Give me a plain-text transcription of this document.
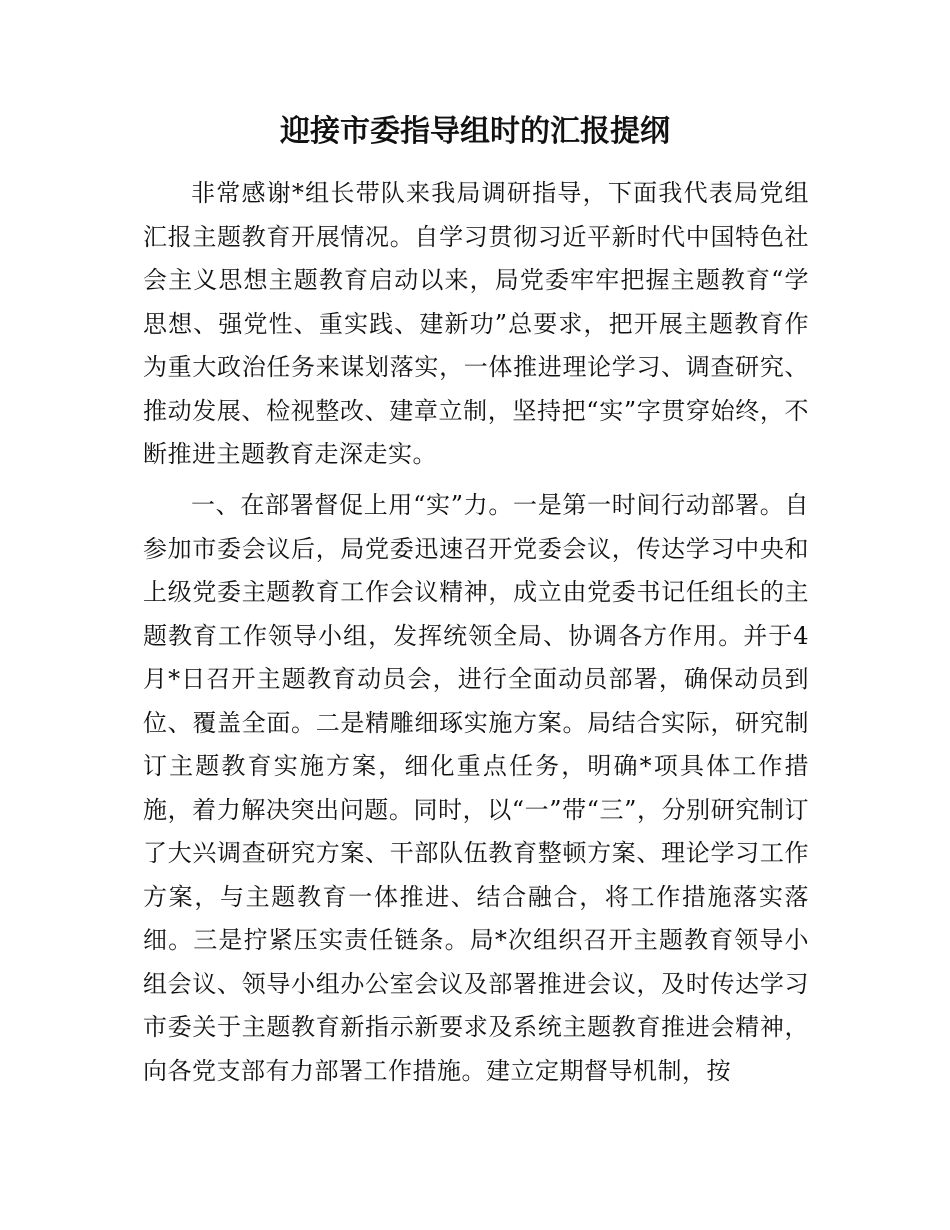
迎接市委指导组时的汇报提纲

非常感谢*组长带队来我局调研指导，下面我代表局党组汇报主题教育开展情况。自学习贯彻习近平新时代中国特色社会主义思想主题教育启动以来，局党委牢牢把握主题教育“学思想、强党性、重实践、建新功”总要求，把开展主题教育作为重大政治任务来谋划落实，一体推进理论学习、调查研究、推动发展、检视整改、建章立制，坚持把“实”字贯穿始终，不断推进主题教育走深走实。

一、在部署督促上用“实”力。一是第一时间行动部署。自参加市委会议后，局党委迅速召开党委会议，传达学习中央和上级党委主题教育工作会议精神，成立由党委书记任组长的主题教育工作领导小组，发挥统领全局、协调各方作用。并于4月*日召开主题教育动员会，进行全面动员部署，确保动员到位、覆盖全面。二是精雕细琢实施方案。局结合实际，研究制订主题教育实施方案，细化重点任务，明确*项具体工作措施，着力解决突出问题。同时，以“一”带“三”，分别研究制订了大兴调查研究方案、干部队伍教育整顿方案、理论学习工作方案，与主题教育一体推进、结合融合，将工作措施落实落细。三是拧紧压实责任链条。局*次组织召开主题教育领导小组会议、领导小组办公室会议及部署推进会议，及时传达学习市委关于主题教育新指示新要求及系统主题教育推进会精神，向各党支部有力部署工作措施。建立定期督导机制，按
